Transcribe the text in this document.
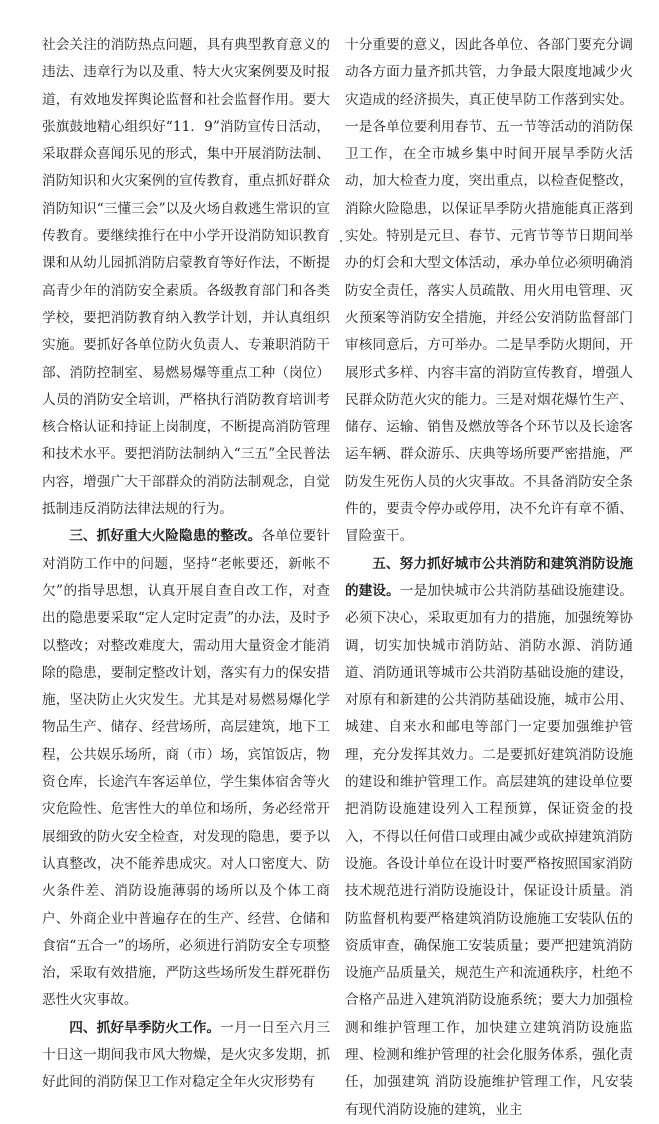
社会关注的消防热点问题，具有典型教育意义的违法、违章行为以及重、特大火灾案例要及时报道，有效地发挥舆论监督和社会监督作用。要大张旗鼓地精心组织好“11．9”消防宣传日活动，采取群众喜闻乐见的形式，集中开展消防法制、消防知识和火灾案例的宣传教育，重点抓好群众消防知识“三懂三会”以及火场自救逃生常识的宣传教育。要继续推行在中小学开设消防知识教育课和从幼儿园抓消防启蒙教育等好作法，不断提高青少年的消防安全素质。各级教育部门和各类学校，要把消防教育纳入教学计划，并认真组织实施。要抓好各单位防火负责人、专兼职消防干部、消防控制室、易燃易爆等重点工种（岗位）人员的消防安全培训，严格执行消防教育培训考核合格认证和持证上岗制度，不断提高消防管理和技术水平。要把消防法制纳入“三五”全民普法内容，增强广大干部群众的消防法制观念，自觉抵制违反消防法律法规的行为。

三、抓好重大火险隐患的整改。各单位要针对消防工作中的问题，坚持“老帐要还，新帐不欠”的指导思想，认真开展自查自改工作，对查出的隐患要采取“定人定时定责”的办法，及时予以整改；对整改难度大，需动用大量资金才能消除的隐患，要制定整改计划，落实有力的保安措施，坚决防止火灾发生。尤其是对易燃易爆化学物品生产、储存、经营场所，高层建筑，地下工程，公共娱乐场所，商（市）场，宾馆饭店，物资仓库，长途汽车客运单位，学生集体宿舍等火灾危险性、危害性大的单位和场所，务必经常开展细致的防火安全检查，对发现的隐患，要予以认真整改，决不能养患成灾。对人口密度大、防火条件差、消防设施薄弱的场所以及个体工商户、外商企业中普遍存在的生产、经营、仓储和食宿“五合一”的场所，必须进行消防安全专项整治，采取有效措施，严防这些场所发生群死群伤恶性火灾事故。

四、抓好旱季防火工作。一月一日至六月三十日这一期间我市风大物燥，是火灾多发期，抓好此间的消防保卫工作对稳定全年火灾形势有

十分重要的意义，因此各单位、各部门要充分调动各方面力量齐抓共管，力争最大限度地减少火灾造成的经济损失，真正使旱防工作落到实处。一是各单位要利用春节、五一节等活动的消防保卫工作，在全市城乡集中时间开展旱季防火活动，加大检查力度，突出重点，以检查促整改，消除火险隐患，以保证旱季防火措施能真正落到实处。特别是元旦、春节、元宵节等节日期间举办的灯会和大型文体活动，承办单位必须明确消防安全责任，落实人员疏散、用火用电管理、灭火预案等消防安全措施，并经公安消防监督部门审核同意后，方可举办。二是旱季防火期间，开展形式多样、内容丰富的消防宣传教育，增强人民群众防范火灾的能力。三是对烟花爆竹生产、储存、运输、销售及燃放等各个环节以及长途客运车辆、群众游乐、庆典等场所要严密措施，严防发生死伤人员的火灾事故。不具备消防安全条件的，要责令停办或停用，决不允许有章不循、冒险蛮干。

五、努力抓好城市公共消防和建筑消防设施的建设。一是加快城市公共消防基础设施建设。必须下决心，采取更加有力的措施，加强统筹协调，切实加快城市消防站、消防水源、消防通道、消防通讯等城市公共消防基础设施的建设，对原有和新建的公共消防基础设施，城市公用、城建、自来水和邮电等部门一定要加强维护管理，充分发挥其效力。二是要抓好建筑消防设施的建设和维护管理工作。高层建筑的建设单位要把消防设施建设列入工程预算，保证资金的投入，不得以任何借口或理由减少或砍掉建筑消防设施。各设计单位在设计时要严格按照国家消防技术规范进行消防设施设计，保证设计质量。消防监督机构要严格建筑消防设施施工安装队伍的资质审查，确保施工安装质量；要严把建筑消防设施产品质量关，规范生产和流通秩序，杜绝不合格产品进入建筑消防设施系统；要大力加强检测和维护管理工作，加快建立建筑消防设施监理、检测和维护管理的社会化服务体系，强化责任，加强建筑 消防设施维护管理工作，凡安装有现代消防设施的建筑，业主
